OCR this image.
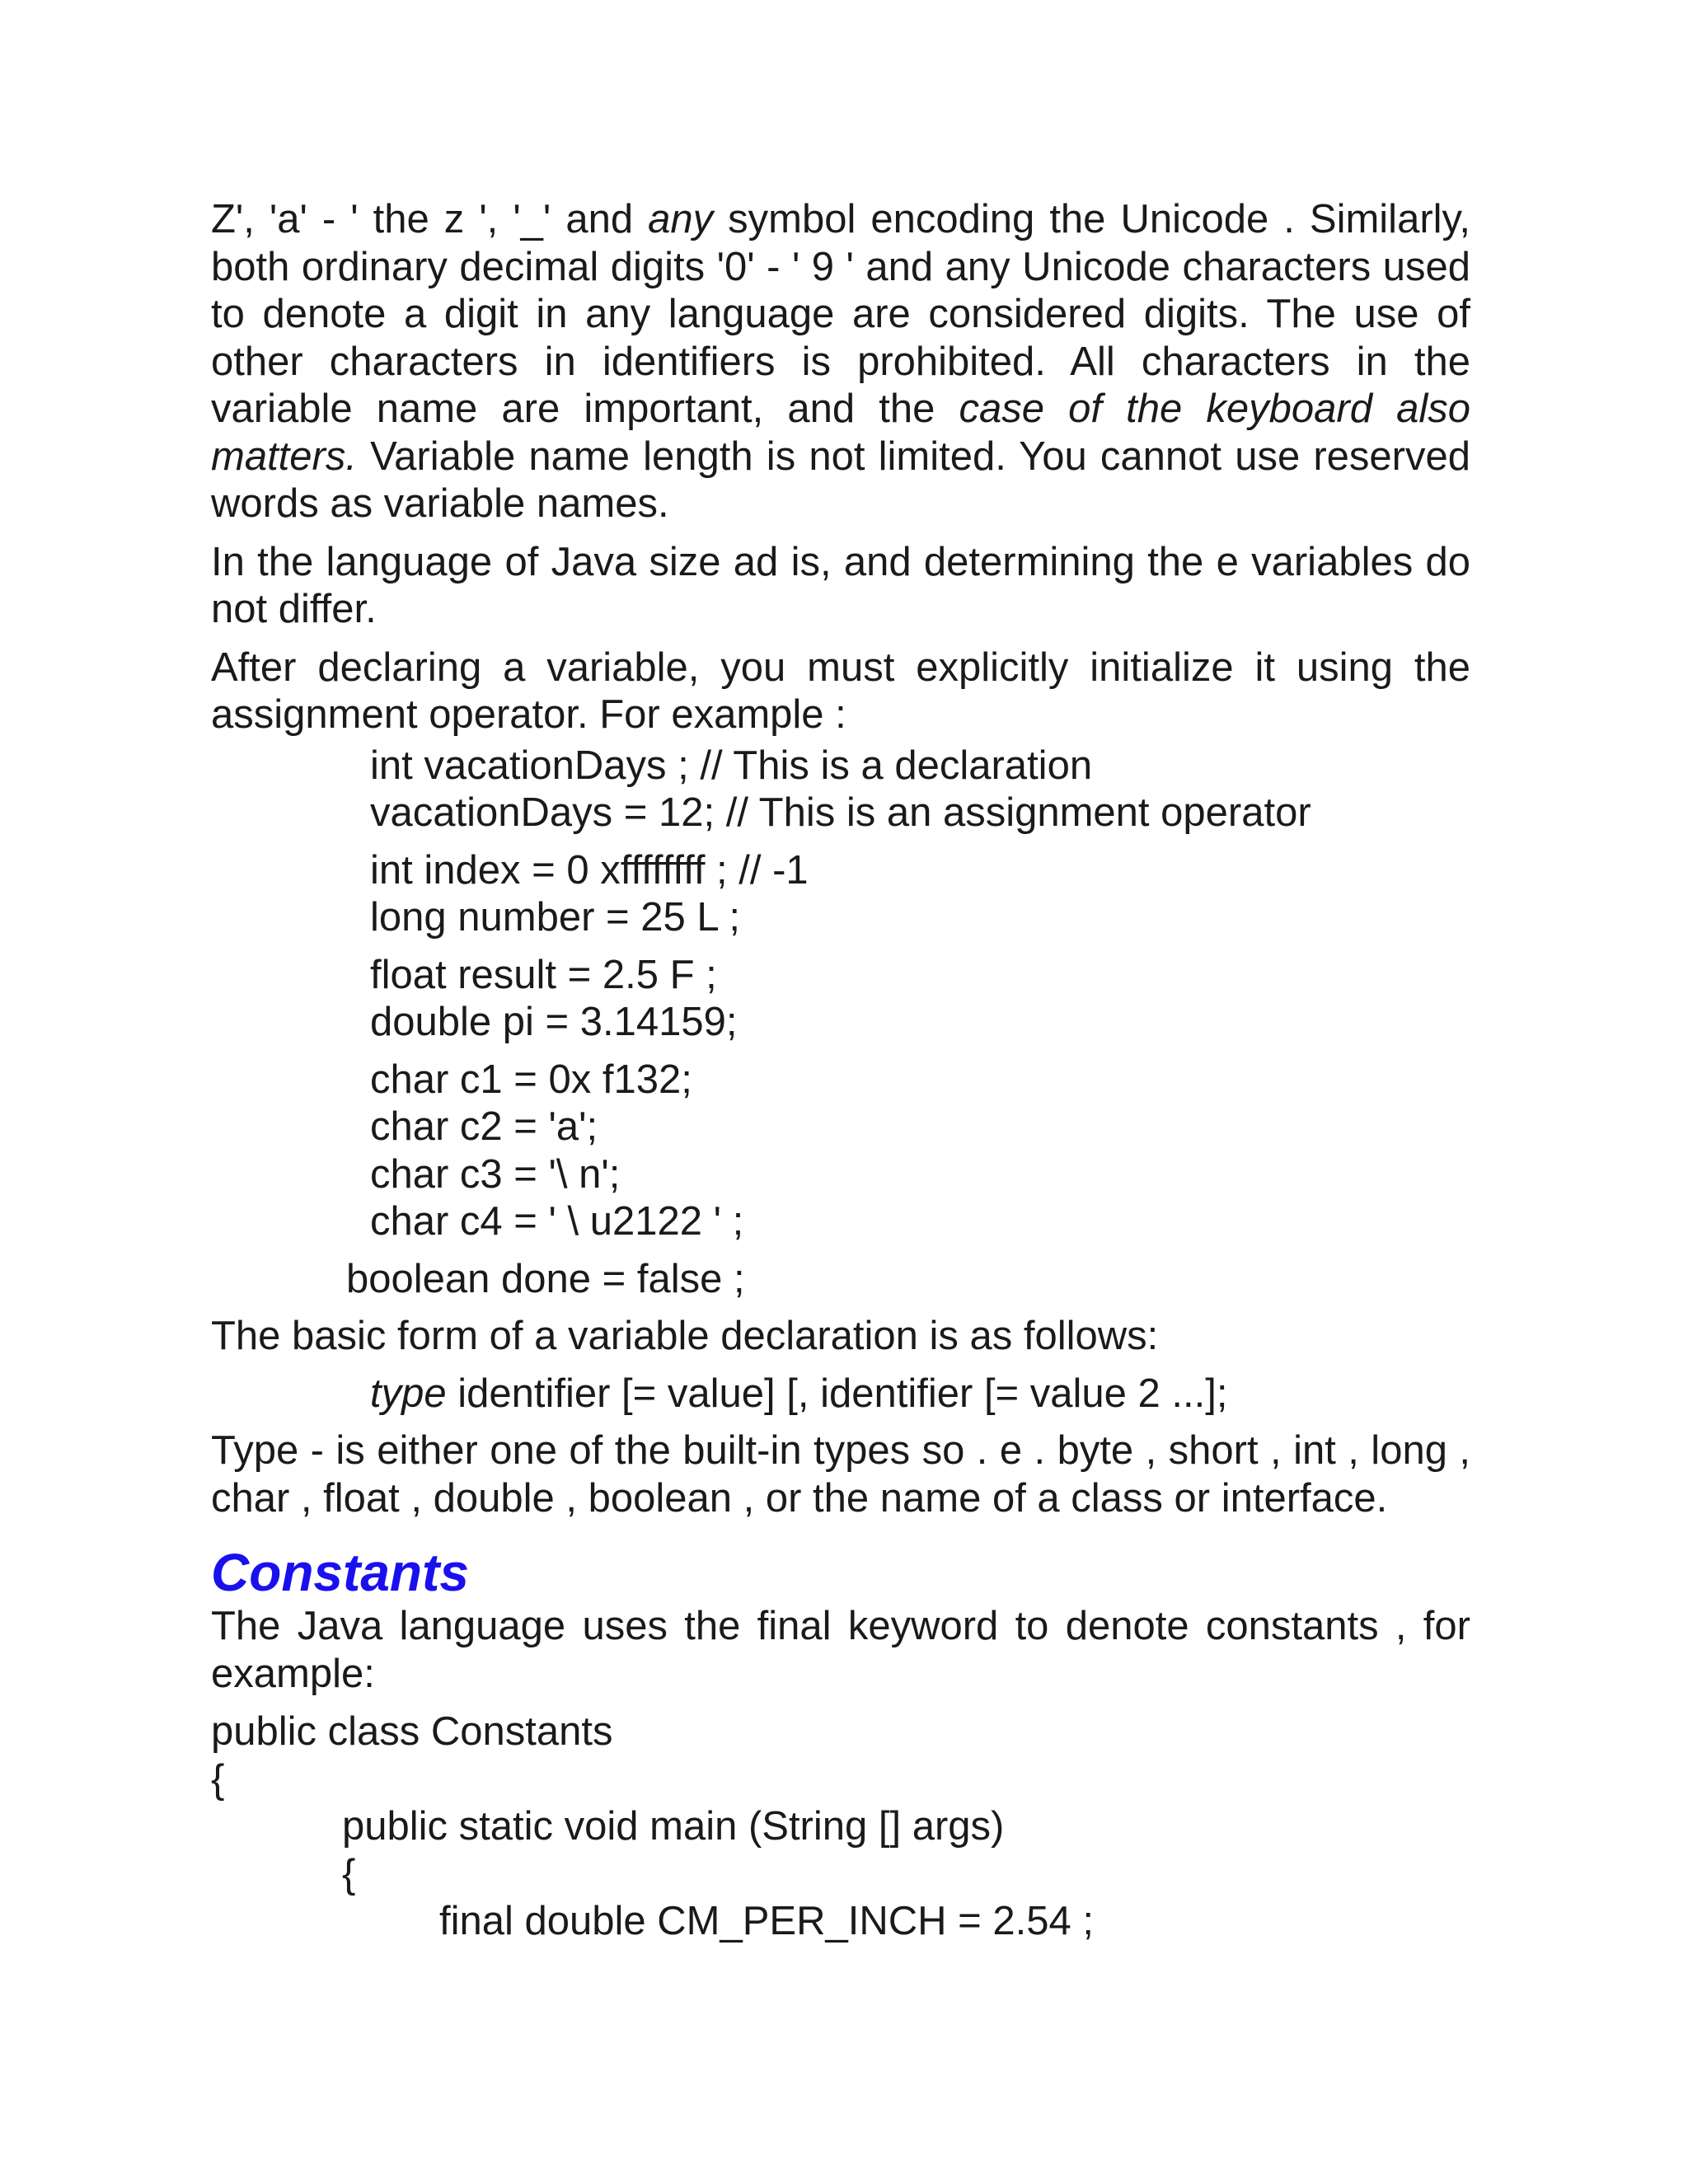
Z', 'a' - ' the z ', '_' and any symbol encoding the Unicode . Similarly, both ordinary decimal digits '0' - ' 9 ' and any Unicode characters used to denote a digit in any language are considered digits. The use of other characters in identifiers is prohibited. All characters in the variable name are important, and the case of the keyboard also matters. Variable name length is not limited. You cannot use reserved words as variable names.

In the language of Java size ad is, and determining the e variables do not differ.

After declaring a variable, you must explicitly initialize it using the assignment operator. For example :

int vacationDays ; // This is a declaration
vacationDays = 12; // This is an assignment operator
int index = 0 xffffffff ; // -1
long number = 25 L ;
float result = 2.5 F ;
double pi = 3.14159;
char c1 = 0x f132;
char c2 = 'a';
char c3 = '\ n';
char c4 = ' \ u2122 ' ;
boolean done = false ;

The basic form of a variable declaration is as follows:

type identifier [= value] [, identifier [= value 2 ...];

Type - is either one of the built-in types so . e . byte , short , int , long , char , float , double , boolean , or the name of a class or interface.

Constants

The Java language uses the final keyword to denote constants , for example:

public class Constants
{
public static void main (String [] args)
{
final double CM_PER_INCH = 2.54 ;
